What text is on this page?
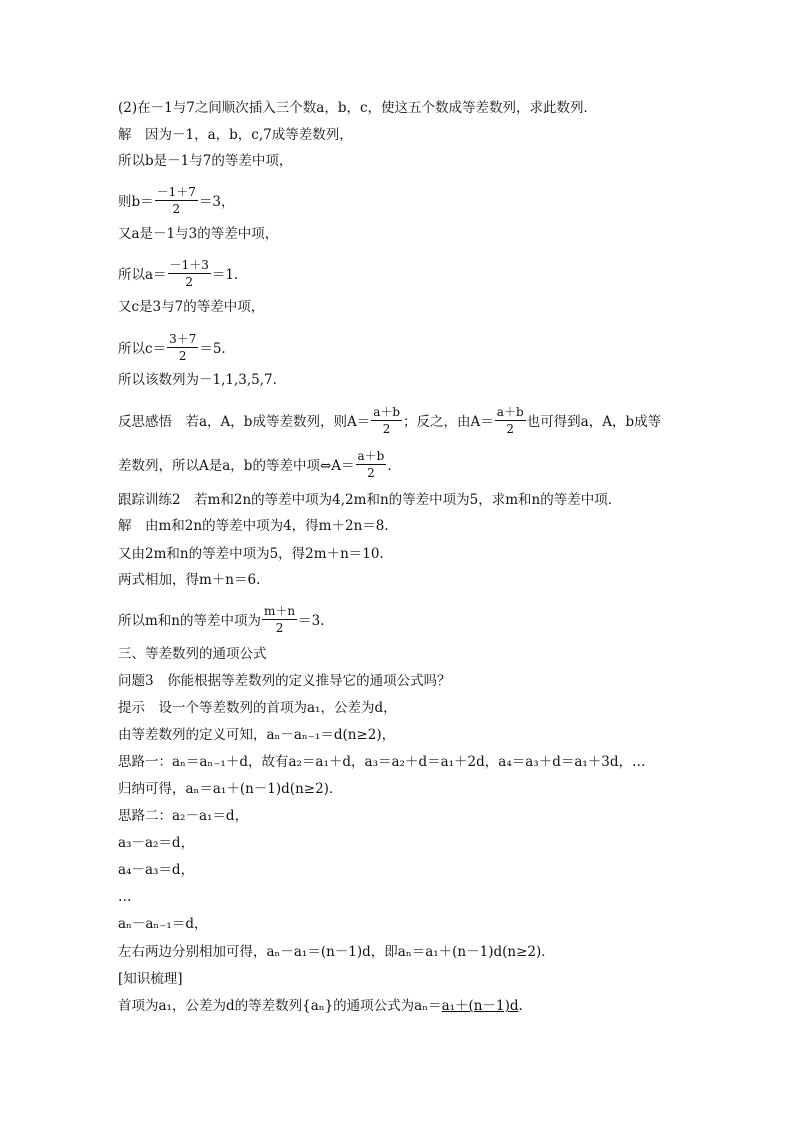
(2)在－1与7之间顺次插入三个数a，b，c，使这五个数成等差数列，求此数列．
解　因为－1，a，b，c,7成等差数列，
所以b是－1与7的等差中项，
则$b= \frac{-1+7}{2} =3$，
又a是－1与3的等差中项，
所以$a= \frac{-1+3}{2} =1$.
又c是3与7的等差中项，
所以$c= \frac{3+7}{2} =5$.
所以该数列为－1,1,3,5,7.
反思感悟　若a，A，b成等差数列，则$A= \frac{a+b}{2}$ ；反之，由$A= \frac{a+b}{2}$ 也可得到a，A，b成等
差数列，所以A是a，b的等差中项⇔A＝ $\frac{a+b}{2}$ .
跟踪训练2　若m和2n的等差中项为4,2m和n的等差中项为5，求m和n的等差中项．
解　由m和2n的等差中项为4，得m＋2n＝8.
又由2m和n的等差中项为5，得2m＋n＝10.
两式相加，得m＋n＝6.
所以m和n的等差中项为 $\frac{m+n}{2} =3$.
三、等差数列的通项公式
问题3　你能根据等差数列的定义推导它的通项公式吗？
提示　设一个等差数列的首项为a₁，公差为d，
由等差数列的定义可知，aₙ－aₙ₋₁＝d(n≥2)，
思路一：aₙ＝aₙ₋₁＋d，故有a₂＝a₁＋d，a₃＝a₂＋d＝a₁＋2d，a₄＝a₃＋d＝a₁＋3d，…
归纳可得，aₙ＝a₁＋(n－1)d(n≥2)．
思路二：a₂－a₁＝d，
a₃－a₂＝d，
a₄－a₃＝d，
…
aₙ－aₙ₋₁＝d，
左右两边分别相加可得，aₙ－a₁＝(n－1)d，即aₙ＝a₁＋(n－1)d(n≥2)．
[知识梳理]
首项为a₁，公差为d的等差数列{aₙ}的通项公式为aₙ＝a₁＋(n－1)d.
